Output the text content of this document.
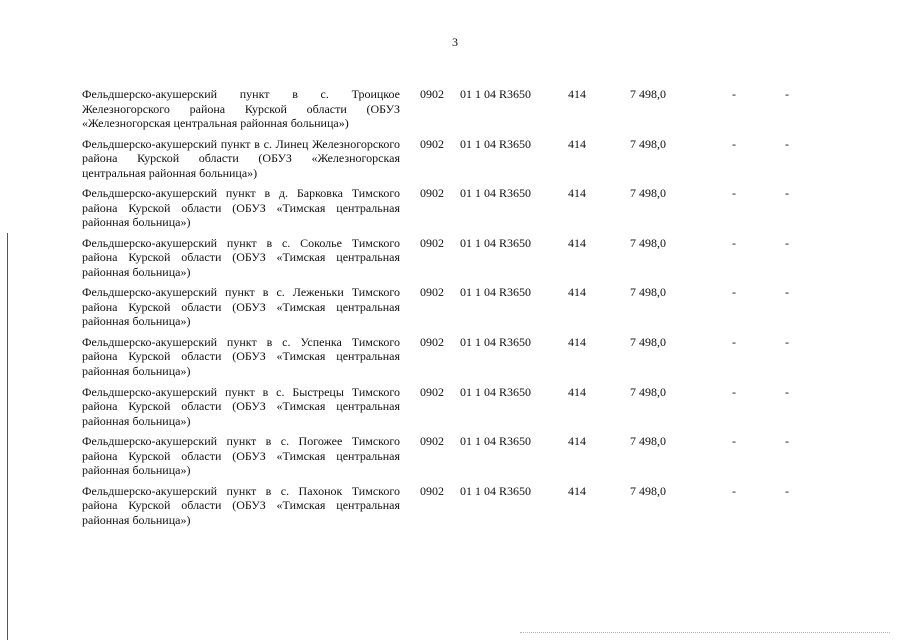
3
Фельдшерско-акушерский пункт в с. Троицкое Железногорского района Курской области (ОБУЗ «Железногорская центральная районная больница»)	0902	01 1 04 R3650	414	7 498,0	-	-
Фельдшерско-акушерский пункт в с. Линец Железногорского района Курской области (ОБУЗ «Железногорская центральная районная больница»)	0902	01 1 04 R3650	414	7 498,0	-	-
Фельдшерско-акушерский пункт в д. Барковка Тимского района Курской области (ОБУЗ «Тимская центральная районная больница»)	0902	01 1 04 R3650	414	7 498,0	-	-
Фельдшерско-акушерский пункт в с. Соколье Тимского района Курской области (ОБУЗ «Тимская центральная районная больница»)	0902	01 1 04 R3650	414	7 498,0	-	-
Фельдшерско-акушерский пункт в с. Леженьки Тимского района Курской области (ОБУЗ «Тимская центральная районная больница»)	0902	01 1 04 R3650	414	7 498,0	-	-
Фельдшерско-акушерский пункт в с. Успенка Тимского района Курской области (ОБУЗ «Тимская центральная районная больница»)	0902	01 1 04 R3650	414	7 498,0	-	-
Фельдшерско-акушерский пункт в с. Быстрецы Тимского района Курской области (ОБУЗ «Тимская центральная районная больница»)	0902	01 1 04 R3650	414	7 498,0	-	-
Фельдшерско-акушерский пункт в с. Погожее Тимского района Курской области (ОБУЗ «Тимская центральная районная больница»)	0902	01 1 04 R3650	414	7 498,0	-	-
Фельдшерско-акушерский пункт в с. Пахонок Тимского района Курской области (ОБУЗ «Тимская центральная районная больница»)	0902	01 1 04 R3650	414	7 498,0	-	-
